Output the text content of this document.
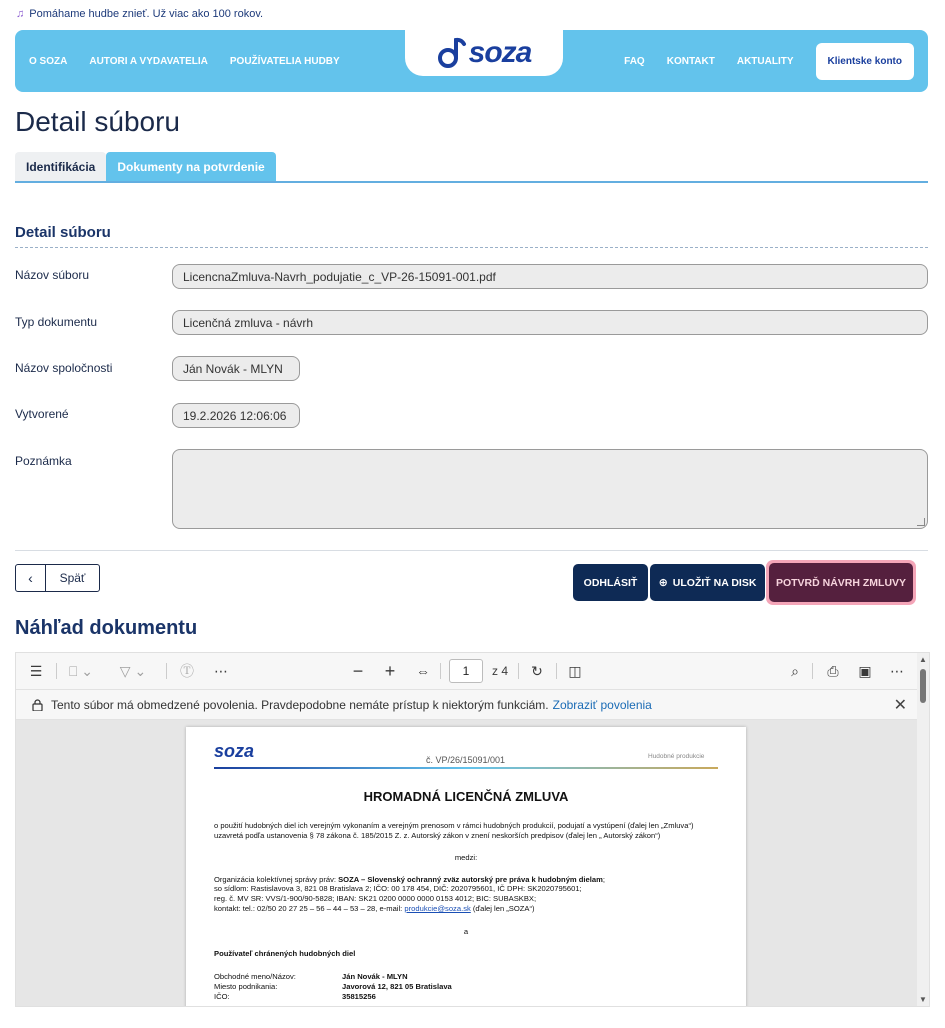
♫ Pomáhame hudbe znieť. Už viac ako 100 rokov.
O SOZA AUTORI A VYDAVATELIA POUŽÍVATELIA HUDBY	soza	FAQ KONTAKT AKTUALITY	Klientske konto
Detail súboru
Identifikácia	Dokumenty na potvrdenie
Detail súboru
Názov súboru	LicencnaZmluva-Navrh_podujatie_c_VP-26-15091-001.pdf
Typ dokumentu	Licenčná zmluva - návrh
Názov spoločnosti	Ján Novák - MLYN
Vytvorené	19.2.2026 12:06:06
Poznámka
‹	Späť	ODHLÁSIŤ ⊕ ULOŽIŤ NA DISK	POTVRĎ NÁVRH ZMLUVY
Náhľad dokumentu
☰	⎕ ⌄	▽ ⌄ Ⓣ ⋯	− +	⇔	1	z 4	↻	◫	⌕	⎙	▣	⋯
Tento súbor má obmedzené povolenia. Pravdepodobne nemáte prístup k niektorým funkciám. Zobraziť povolenia	✕
soza	č. VP/26/15091/001	Hudobné produkcie
HROMADNÁ LICENČNÁ ZMLUVA
o použití hudobných diel ich verejným vykonaním a verejným prenosom v rámci hudobných produkcií, podujatí a vystúpení (ďalej len „Zmluva“)
uzavretá podľa ustanovenia § 78 zákona č. 185/2015 Z. z. Autorský zákon v znení neskorších predpisov (ďalej len „ Autorský zákon“)
medzi:
Organizácia kolektívnej správy práv: SOZA – Slovenský ochranný zväz autorský pre práva k hudobným dielam;
so sídlom: Rastislavova 3, 821 08 Bratislava 2; IČO: 00 178 454, DIČ: 2020795601, IČ DPH: SK2020795601;
reg. č. MV SR: VVS/1-900/90-5828; IBAN: SK21 0200 0000 0000 0153 4012; BIC: SUBASKBX;
kontakt: tel.: 02/50 20 27 25 – 56 – 44 – 53 – 28, e-mail: produkcie@soza.sk (ďalej len „SOZA“)
a
Používateľ chránených hudobných diel
Obchodné meno/Názov:	Ján Novák - MLYN
Miesto podnikania:	Javorová 12, 821 05 Bratislava
IČO:	35815256
▲
▼
